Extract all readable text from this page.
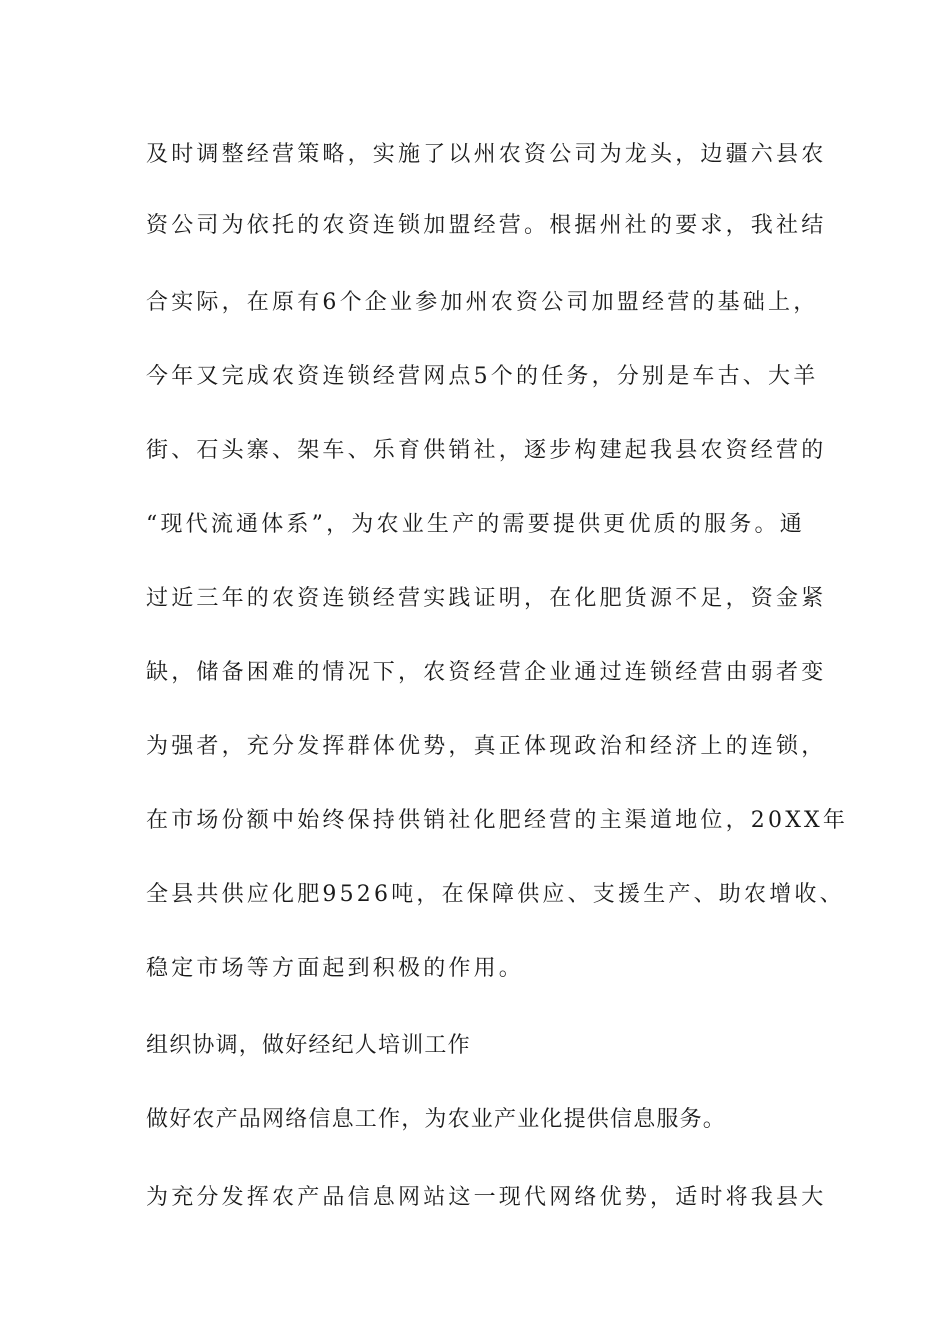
及时调整经营策略，实施了以州农资公司为龙头，边疆六县农

资公司为依托的农资连锁加盟经营。根据州社的要求，我社结

合实际，在原有6个企业参加州农资公司加盟经营的基础上，

今年又完成农资连锁经营网点5个的任务，分别是车古、大羊

街、石头寨、架车、乐育供销社，逐步构建起我县农资经营的

“现代流通体系”，为农业生产的需要提供更优质的服务。通

过近三年的农资连锁经营实践证明，在化肥货源不足，资金紧

缺，储备困难的情况下，农资经营企业通过连锁经营由弱者变

为强者，充分发挥群体优势，真正体现政治和经济上的连锁，

在市场份额中始终保持供销社化肥经营的主渠道地位，20XX年

全县共供应化肥9526吨，在保障供应、支援生产、助农增收、

稳定市场等方面起到积极的作用。

组织协调，做好经纪人培训工作

做好农产品网络信息工作，为农业产业化提供信息服务。

为充分发挥农产品信息网站这一现代网络优势，适时将我县大
